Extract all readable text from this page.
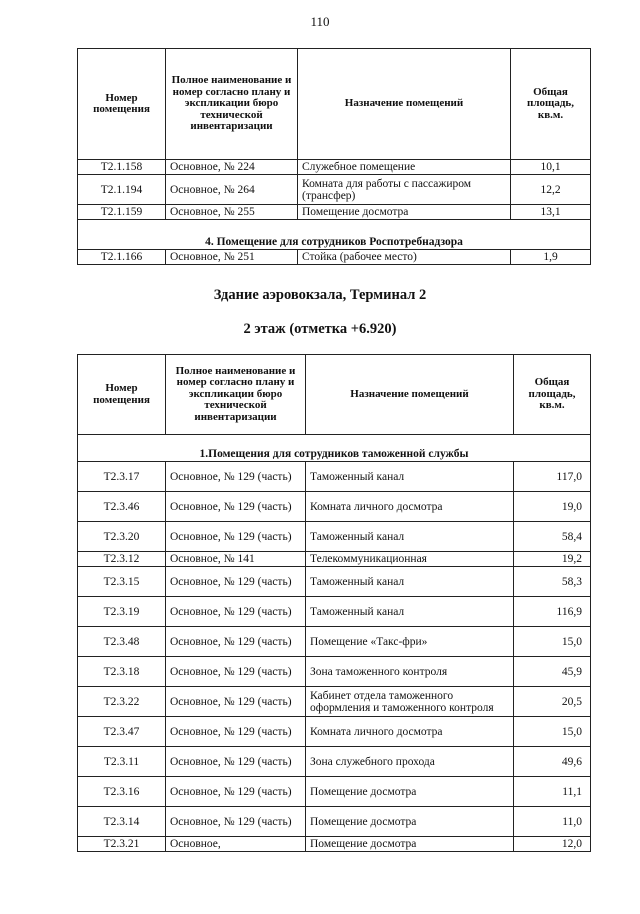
110
Номер помещения	Полное наименование и номер согласно плану и экспликации бюро технической инвентаризации	Назначение помещений	Общая площадь, кв.м.
Т2.1.158	Основное, № 224	Служебное помещение	10,1
Т2.1.194	Основное, № 264	Комната для работы с пассажиром (трансфер)	12,2
Т2.1.159	Основное, № 255	Помещение досмотра	13,1
4. Помещение для сотрудников Роспотребнадзора			
Т2.1.166	Основное, № 251	Стойка (рабочее место)	1,9
Здание аэровокзала, Терминал 2
2 этаж (отметка +6.920)
Номер помещения	Полное наименование и номер согласно плану и экспликации бюро технической инвентаризации	Назначение помещений	Общая площадь, кв.м.
1.Помещения для сотрудников таможенной службы			
Т2.3.17	Основное, № 129 (часть)	Таможенный канал	117,0
Т2.3.46	Основное, № 129 (часть)	Комната личного досмотра	19,0
Т2.3.20	Основное, № 129 (часть)	Таможенный канал	58,4
Т2.3.12	Основное, № 141	Телекоммуникационная	19,2
Т2.3.15	Основное, № 129 (часть)	Таможенный канал	58,3
Т2.3.19	Основное, № 129 (часть)	Таможенный канал	116,9
Т2.3.48	Основное, № 129 (часть)	Помещение «Такс-фри»	15,0
Т2.3.18	Основное, № 129 (часть)	Зона таможенного контроля	45,9
Т2.3.22	Основное, № 129 (часть)	Кабинет отдела таможенного оформления и таможенного контроля	20,5
Т2.3.47	Основное, № 129 (часть)	Комната личного досмотра	15,0
Т2.3.11	Основное, № 129 (часть)	Зона служебного прохода	49,6
Т2.3.16	Основное, № 129 (часть)	Помещение досмотра	11,1
Т2.3.14	Основное, № 129 (часть)	Помещение досмотра	11,0
Т2.3.21	Основное,	Помещение досмотра	12,0
